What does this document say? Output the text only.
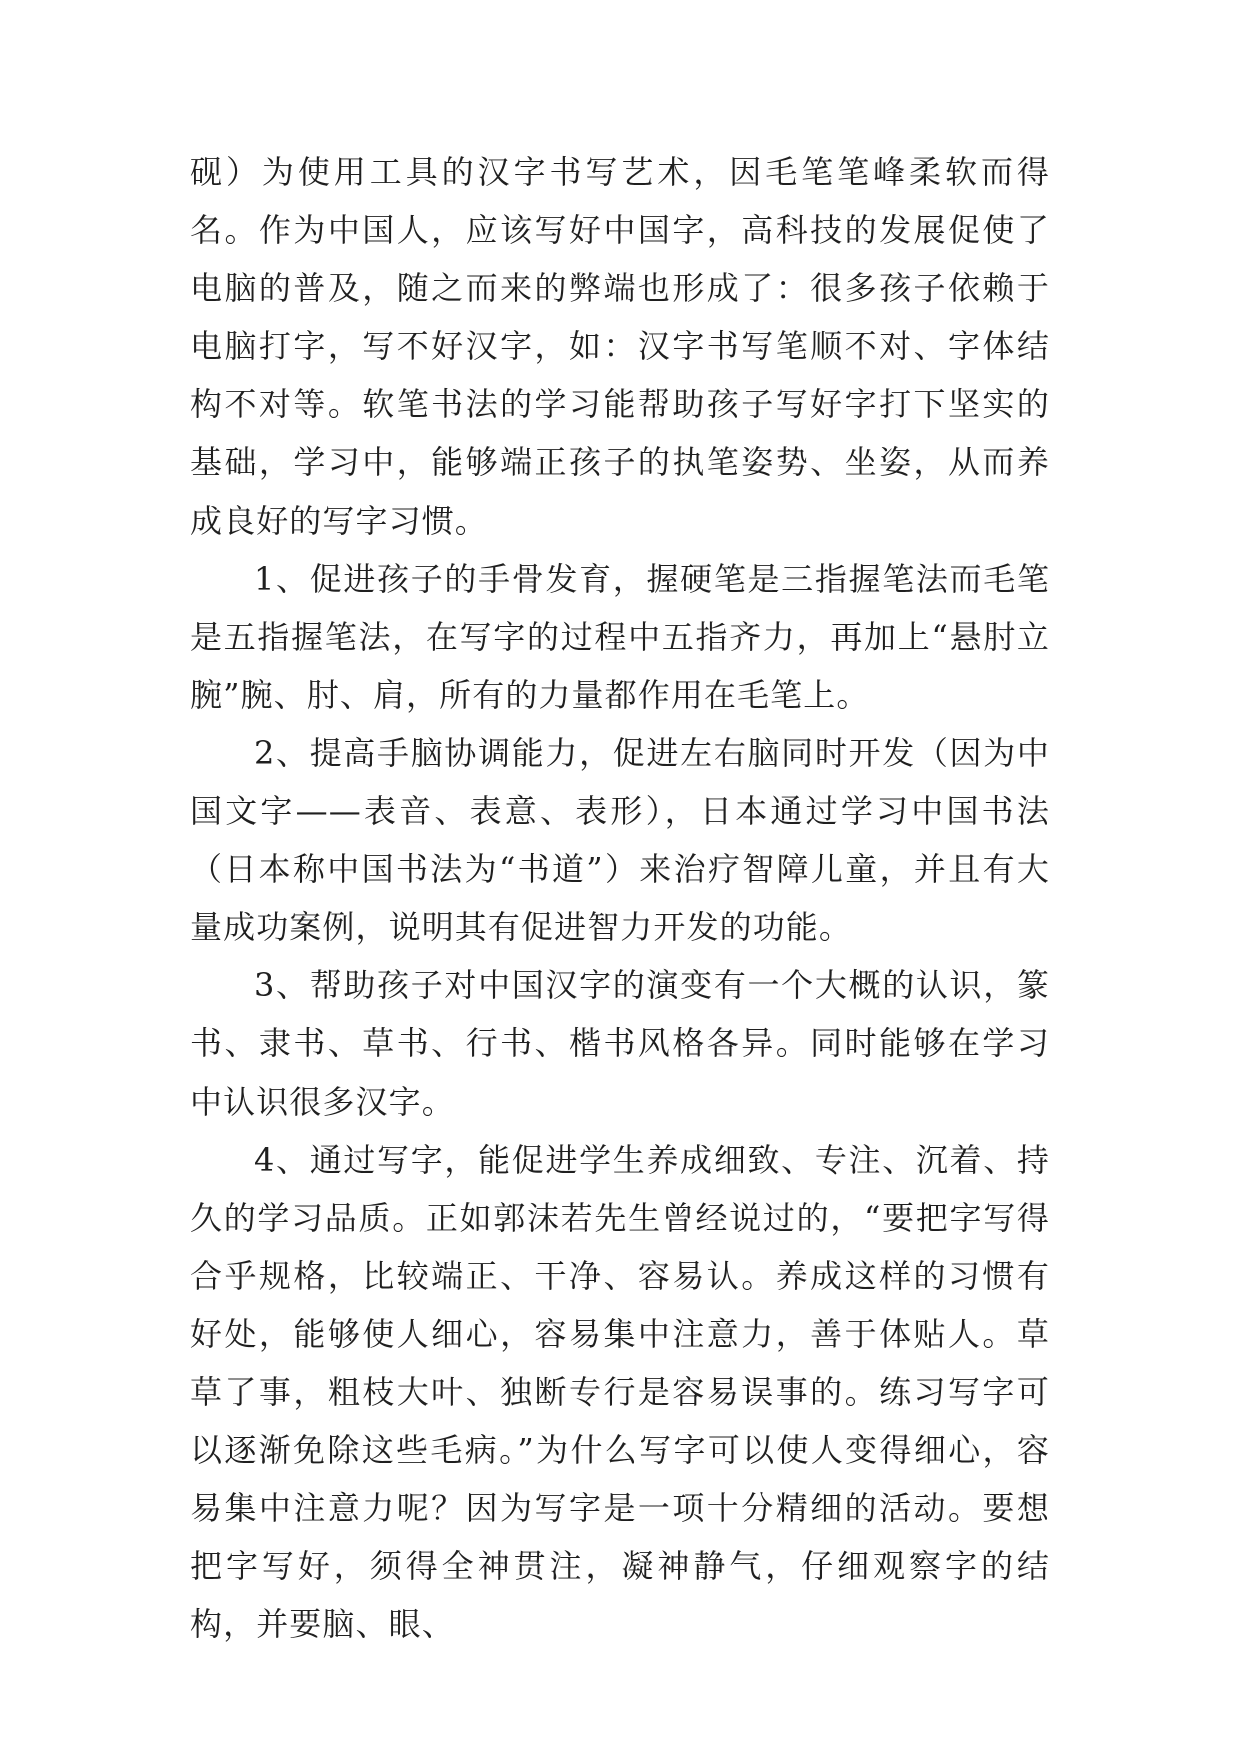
砚）为使用工具的汉字书写艺术，因毛笔笔峰柔软而得名。作为中国人，应该写好中国字，高科技的发展促使了电脑的普及，随之而来的弊端也形成了：很多孩子依赖于电脑打字，写不好汉字，如：汉字书写笔顺不对、字体结构不对等。软笔书法的学习能帮助孩子写好字打下坚实的基础，学习中，能够端正孩子的执笔姿势、坐姿，从而养成良好的写字习惯。

1、促进孩子的手骨发育，握硬笔是三指握笔法而毛笔是五指握笔法，在写字的过程中五指齐力，再加上“悬肘立腕”腕、肘、肩，所有的力量都作用在毛笔上。

2、提高手脑协调能力，促进左右脑同时开发（因为中国文字——表音、表意、表形），日本通过学习中国书法（日本称中国书法为“书道”）来治疗智障儿童，并且有大量成功案例，说明其有促进智力开发的功能。

3、帮助孩子对中国汉字的演变有一个大概的认识，篆书、隶书、草书、行书、楷书风格各异。同时能够在学习中认识很多汉字。

4、通过写字，能促进学生养成细致、专注、沉着、持久的学习品质。正如郭沫若先生曾经说过的，“要把字写得合乎规格，比较端正、干净、容易认。养成这样的习惯有好处，能够使人细心，容易集中注意力，善于体贴人。草草了事，粗枝大叶、独断专行是容易误事的。练习写字可以逐渐免除这些毛病。”为什么写字可以使人变得细心，容易集中注意力呢？因为写字是一项十分精细的活动。要想把字写好，须得全神贯注，凝神静气，仔细观察字的结构，并要脑、眼、
